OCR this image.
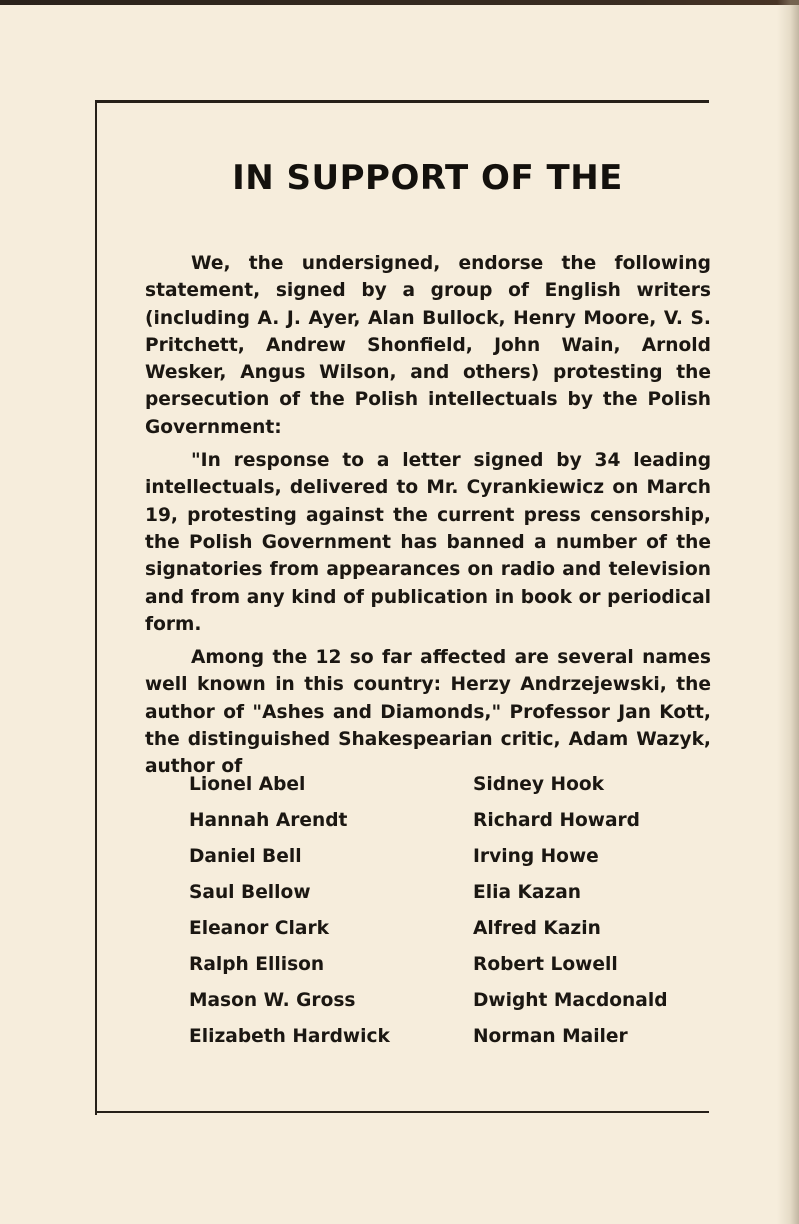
IN SUPPORT OF THE

We, the undersigned, endorse the following statement, signed by a group of English writers (including A. J. Ayer, Alan Bullock, Henry Moore, V. S. Pritchett, Andrew Shonfield, John Wain, Arnold Wesker, Angus Wilson, and others) protesting the persecution of the Polish intellectuals by the Polish Government:

"In response to a letter signed by 34 leading intellectuals, delivered to Mr. Cyrankiewicz on March 19, protesting against the current press censorship, the Polish Government has banned a number of the signatories from appearances on radio and television and from any kind of publication in book or periodical form.

Among the 12 so far affected are several names well known in this country: Herzy Andrzejewski, the author of "Ashes and Diamonds," Professor Jan Kott, the distinguished Shakespearian critic, Adam Wazyk, author of

Lionel Abel
Hannah Arendt
Daniel Bell
Saul Bellow
Eleanor Clark
Ralph Ellison
Mason W. Gross
Elizabeth Hardwick
Sidney Hook
Richard Howard
Irving Howe
Elia Kazan
Alfred Kazin
Robert Lowell
Dwight Macdonald
Norman Mailer
